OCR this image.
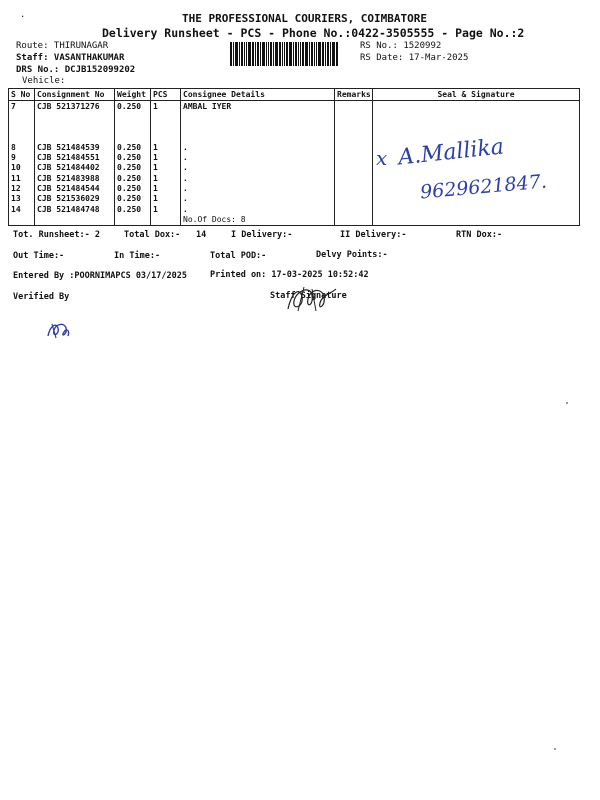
.	THE PROFESSIONAL COURIERS, COIMBATORE
Delivery Runsheet - PCS - Phone No.:0422-3505555 - Page No.:2
Route: THIRUNAGAR
Staff: VASANTHAKUMAR
DRS No.: DCJB152099202
Vehicle:
RS No.: 1520992
RS Date: 17-Mar-2025
S No	Consignment No	Weight	PCS	Consignee Details	Remarks	Seal & Signature
7	CJB 521371276	0.250	1	AMBAL IYER		

8	CJB 521484539	0.250	1	.		
9	CJB 521484551	0.250	1	.		
10	CJB 521484402	0.250	1	.		
11	CJB 521483988	0.250	1	.		
12	CJB 521484544	0.250	1	.		
13	CJB 521536029	0.250	1	.		
14	CJB 521484748	0.250	1	.		
				No.Of Docs: 8		
x A.Mallika
9629621847.
Tot. Runsheet:- 2	Total Dox:- 14	I Delivery:-	II Delivery:-	RTN Dox:-
Out Time:-	In Time:-	Total POD:-	Delvy Points:-
Entered By :POORNIMAPCS 03/17/2025	Printed on: 17-03-2025 10:52:42
Verified By	Staff Signature
